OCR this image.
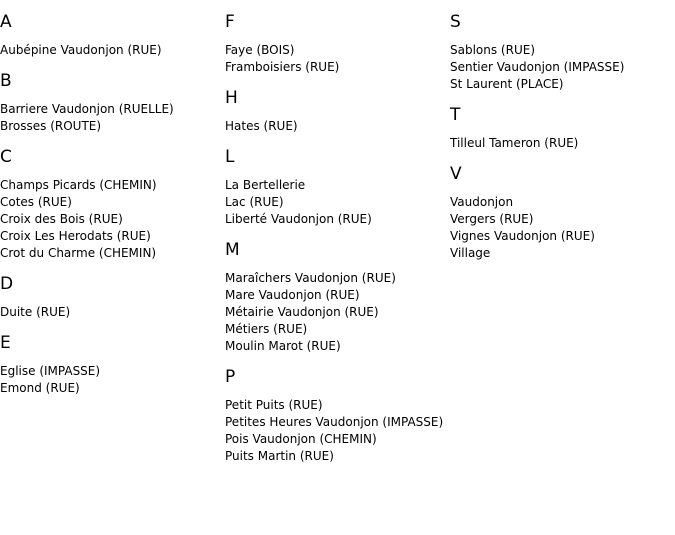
A
Aubépine Vaudonjon (RUE)
B
Barriere Vaudonjon (RUELLE)
Brosses (ROUTE)
C
Champs Picards (CHEMIN)
Cotes (RUE)
Croix des Bois (RUE)
Croix Les Herodats (RUE)
Crot du Charme (CHEMIN)
D
Duite (RUE)
E
Eglise (IMPASSE)
Emond (RUE)
F
Faye (BOIS)
Framboisiers (RUE)
H
Hates (RUE)
L
La Bertellerie
Lac (RUE)
Liberté Vaudonjon (RUE)
M
Maraîchers Vaudonjon (RUE)
Mare Vaudonjon (RUE)
Métairie Vaudonjon (RUE)
Métiers (RUE)
Moulin Marot (RUE)
P
Petit Puits (RUE)
Petites Heures Vaudonjon (IMPASSE)
Pois Vaudonjon (CHEMIN)
Puits Martin (RUE)
S
Sablons (RUE)
Sentier Vaudonjon (IMPASSE)
St Laurent (PLACE)
T
Tilleul Tameron (RUE)
V
Vaudonjon
Vergers (RUE)
Vignes Vaudonjon (RUE)
Village
